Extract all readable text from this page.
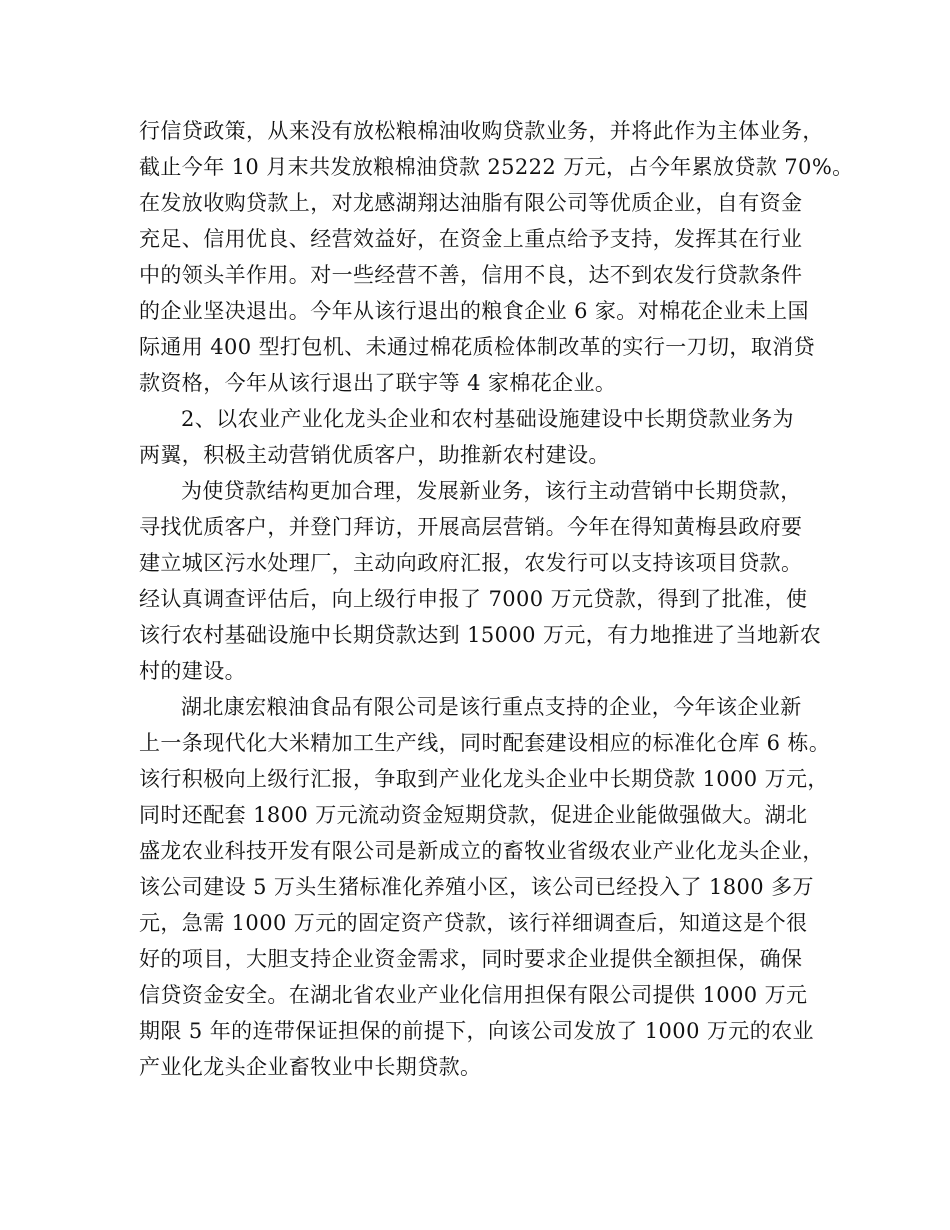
行信贷政策，从来没有放松粮棉油收购贷款业务，并将此作为主体业务，
截止今年 10 月末共发放粮棉油贷款 25222 万元，占今年累放贷款 70%。
在发放收购贷款上，对龙感湖翔达油脂有限公司等优质企业，自有资金
充足、信用优良、经营效益好，在资金上重点给予支持，发挥其在行业
中的领头羊作用。对一些经营不善，信用不良，达不到农发行贷款条件
的企业坚决退出。今年从该行退出的粮食企业 6 家。对棉花企业未上国
际通用 400 型打包机、未通过棉花质检体制改革的实行一刀切，取消贷
款资格，今年从该行退出了联宇等 4 家棉花企业。
2、以农业产业化龙头企业和农村基础设施建设中长期贷款业务为
两翼，积极主动营销优质客户，助推新农村建设。
为使贷款结构更加合理，发展新业务，该行主动营销中长期贷款，
寻找优质客户，并登门拜访，开展高层营销。今年在得知黄梅县政府要
建立城区污水处理厂，主动向政府汇报，农发行可以支持该项目贷款。
经认真调查评估后，向上级行申报了 7000 万元贷款，得到了批准，使
该行农村基础设施中长期贷款达到 15000 万元，有力地推进了当地新农
村的建设。
湖北康宏粮油食品有限公司是该行重点支持的企业，今年该企业新
上一条现代化大米精加工生产线，同时配套建设相应的标准化仓库 6 栋。
该行积极向上级行汇报，争取到产业化龙头企业中长期贷款 1000 万元，
同时还配套 1800 万元流动资金短期贷款，促进企业能做强做大。湖北
盛龙农业科技开发有限公司是新成立的畜牧业省级农业产业化龙头企业，
该公司建设 5 万头生猪标准化养殖小区，该公司已经投入了 1800 多万
元，急需 1000 万元的固定资产贷款，该行祥细调查后，知道这是个很
好的项目，大胆支持企业资金需求，同时要求企业提供全额担保，确保
信贷资金安全。在湖北省农业产业化信用担保有限公司提供 1000 万元
期限 5 年的连带保证担保的前提下，向该公司发放了 1000 万元的农业
产业化龙头企业畜牧业中长期贷款。
